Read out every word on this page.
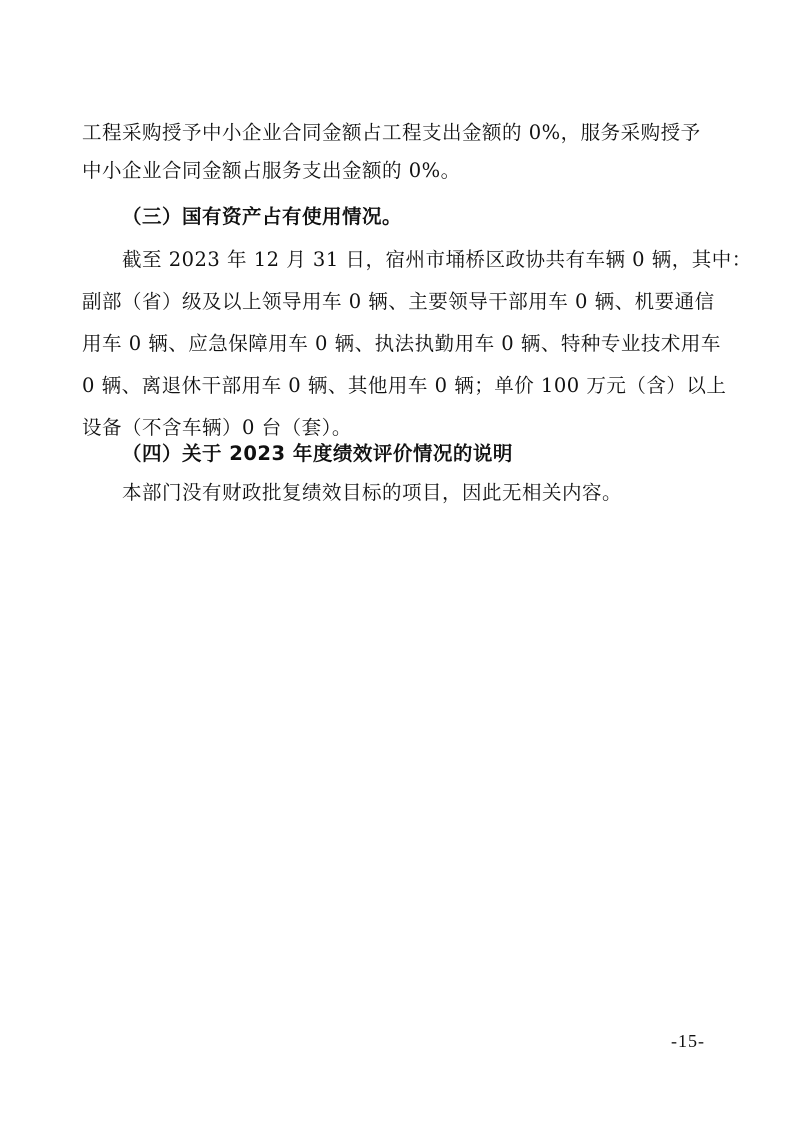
工程采购授予中小企业合同金额占工程支出金额的 0%，服务采购授予
中小企业合同金额占服务支出金额的 0%。
（三）国有资产占有使用情况。
截至 2023 年 12 月 31 日，宿州市埇桥区政协共有车辆 0 辆，其中：
副部（省）级及以上领导用车 0 辆、主要领导干部用车 0 辆、机要通信
用车 0 辆、应急保障用车 0 辆、执法执勤用车 0 辆、特种专业技术用车
0 辆、离退休干部用车 0 辆、其他用车 0 辆；单价 100 万元（含）以上
设备（不含车辆）0 台（套）。
（四）关于 2023 年度绩效评价情况的说明
本部门没有财政批复绩效目标的项目，因此无相关内容。
-15-
